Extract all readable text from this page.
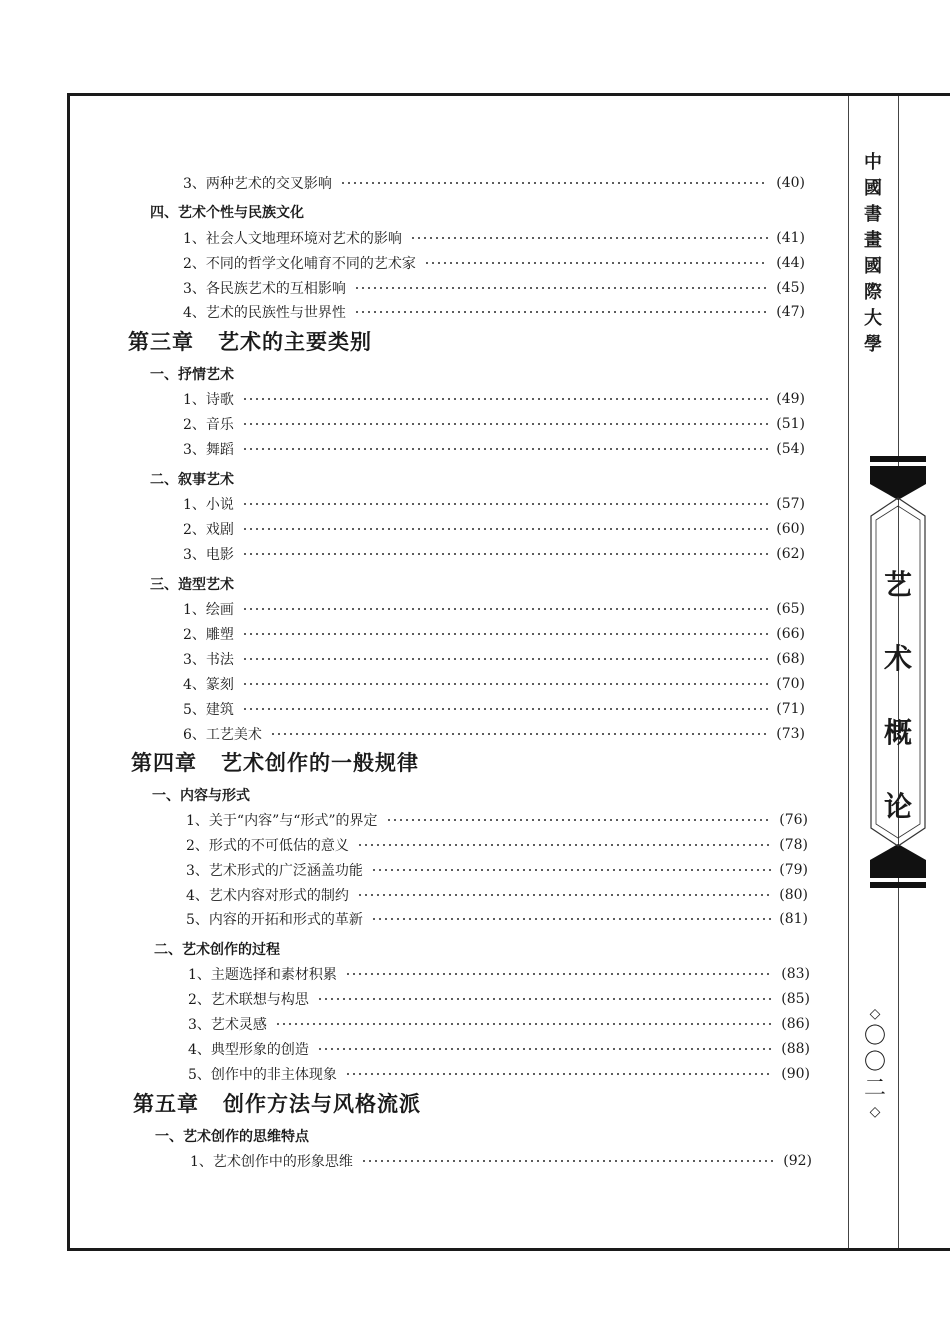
3、两种艺术的交叉影响	(40)
四、艺术个性与民族文化
1、社会人文地理环境对艺术的影响	(41)
2、不同的哲学文化哺育不同的艺术家	(44)
3、各民族艺术的互相影响	(45)
4、艺术的民族性与世界性	(47)
第三章 艺术的主要类别
一、抒情艺术
1、诗歌	(49)
2、音乐	(51)
3、舞蹈	(54)
二、叙事艺术
1、小说	(57)
2、戏剧	(60)
3、电影	(62)
三、造型艺术
1、绘画	(65)
2、雕塑	(66)
3、书法	(68)
4、篆刻	(70)
5、建筑	(71)
6、工艺美术	(73)
第四章 艺术创作的一般规律
一、内容与形式
1、关于“内容”与“形式”的界定	(76)
2、形式的不可低估的意义	(78)
3、艺术形式的广泛涵盖功能	(79)
4、艺术内容对形式的制约	(80)
5、内容的开拓和形式的革新	(81)
二、艺术创作的过程
1、主题选择和素材积累	(83)
2、艺术联想与构思	(85)
3、艺术灵感	(86)
4、典型形象的创造	(88)
5、创作中的非主体现象	(90)
第五章 创作方法与风格流派
一、艺术创作的思维特点
1、艺术创作中的形象思维	(92)
中
國
書
畫
國
際
大
學
艺
术
概
论
◇
〇
〇
二
◇
